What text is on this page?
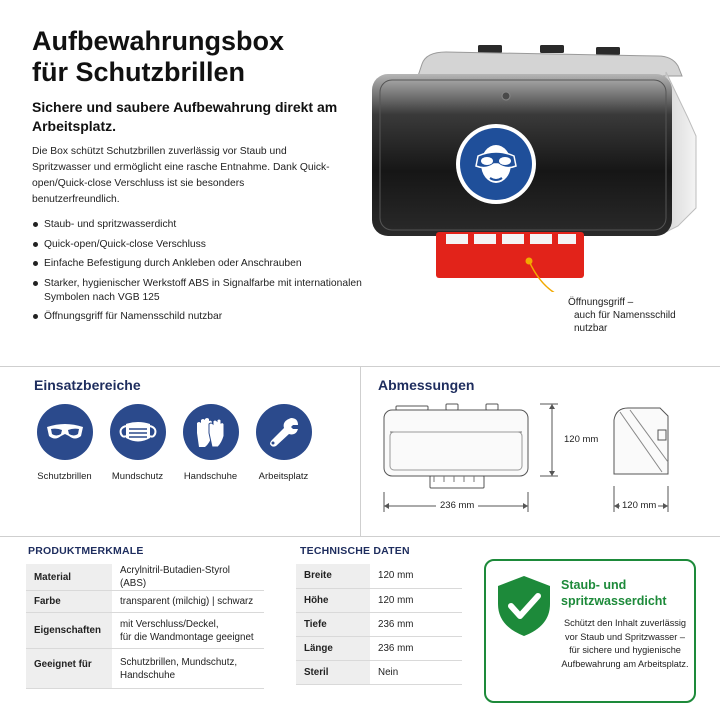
Aufbewahrungsbox
für Schutzbrillen

Sichere und saubere Aufbewahrung direkt am Arbeitsplatz.

Die Box schützt Schutzbrillen zuverlässig vor Staub und Spritzwasser und ermöglicht eine rasche Entnahme. Dank Quick-open/Quick-close Verschluss ist sie besonders benutzerfreundlich.

Staub- und spritzwasserdicht
Quick-open/Quick-close Verschluss
Einfache Befestigung durch Ankleben oder Anschrauben
Starker, hygienischer Werkstoff ABS in Signalfarbe mit internationalen Symbolen nach VGB 125
Öffnungsgriff für Namensschild nutzbar
Öffnungsgriff –
auch für Namensschild
nutzbar
Einsatzbereiche
Schutzbrillen Mundschutz Handschuhe Arbeitsplatz
Abmessungen
120 mm
236 mm	120 mm
PRODUKTMERKMALE
Material	Acrylnitril-Butadien-Styrol (ABS)
Farbe	transparent (milchig) | schwarz
Eigenschaften	mit Verschluss/Deckel,
für die Wandmontage geeignet
Geeignet für	Schutzbrillen, Mundschutz,
Handschuhe
TECHNISCHE DATEN
Breite	120 mm
Höhe	120 mm
Tiefe	236 mm
Länge	236 mm
Steril	Nein
Staub- und
spritzwasserdicht
Schützt den Inhalt zuverlässig
vor Staub und Spritzwasser –
für sichere und hygienische
Aufbewahrung am Arbeitsplatz.
